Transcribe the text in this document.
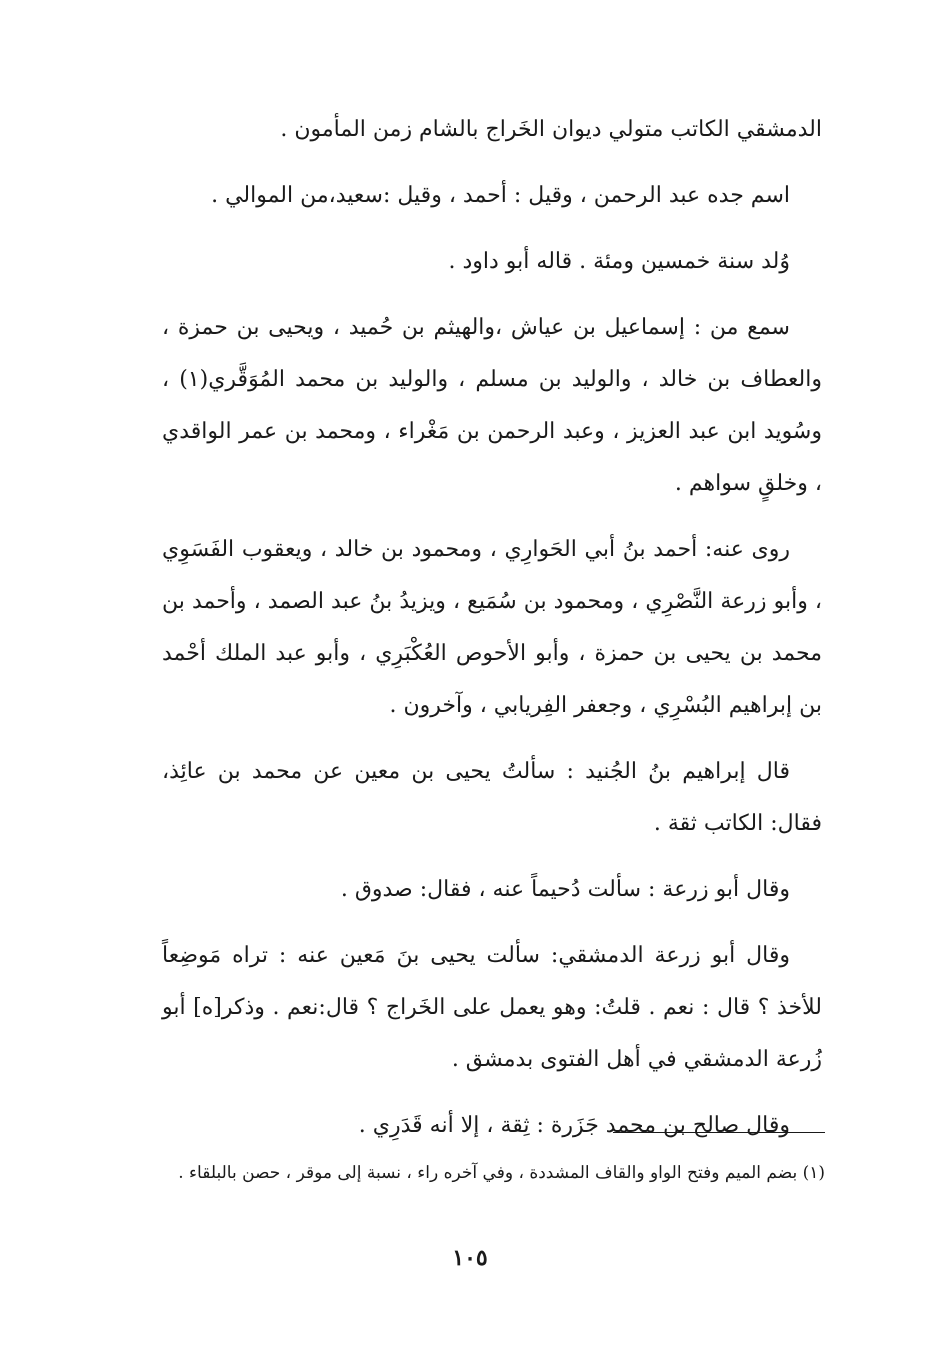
الدمشقي الكاتب متولي ديوان الخَراج بالشام زمن المأمون .

اسم جده عبد الرحمن ، وقيل : أحمد ، وقيل :سعيد،من الموالي .

وُلد سنة خمسين ومئة . قاله أبو داود .

سمع من : إسماعيل بن عياش ،والهيثم بن حُميد ، ويحيى بن حمزة ، والعطاف بن خالد ، والوليد بن مسلم ، والوليد بن محمد المُوَقَّري(١) ، وسُويد ابن عبد العزيز ، وعبد الرحمن بن مَغْراء ، ومحمد بن عمر الواقدي ، وخلقٍ سواهم .

روى عنه: أحمد بنُ أبي الحَوارِي ، ومحمود بن خالد ، ويعقوب الفَسَوِي ، وأبو زرعة النَّصْرِي ، ومحمود بن سُمَيع ، ويزيدُ بنُ عبد الصمد ، وأحمد بن محمد بن يحيى بن حمزة ، وأبو الأحوص العُكْبَرِي ، وأبو عبد الملك أحْمد بن إبراهيم البُسْرِي ، وجعفر الفِريابي ، وآخرون .

قال إبراهيم بنُ الجُنيد : سألتُ يحيى بن معين عن محمد بن عائِذ، فقال: الكاتب ثقة .

وقال أبو زرعة : سألت دُحيماً عنه ، فقال: صدوق .

وقال أبو زرعة الدمشقي: سألت يحيى بنَ مَعين عنه : تراه مَوضِعاً للأخذ ؟ قال : نعم . قلتُ: وهو يعمل على الخَراج ؟ قال:نعم . وذكر[ه] أبو زُرعة الدمشقي في أهل الفتوى بدمشق .

وقال صالح بن محمد جَزَرة : ثِقة ، إلا أنه قَدَرِي .

(١) بضم الميم وفتح الواو والقاف المشددة ، وفي آخره راء ، نسبة إلى موقر ، حصن بالبلقاء .

١٠٥
